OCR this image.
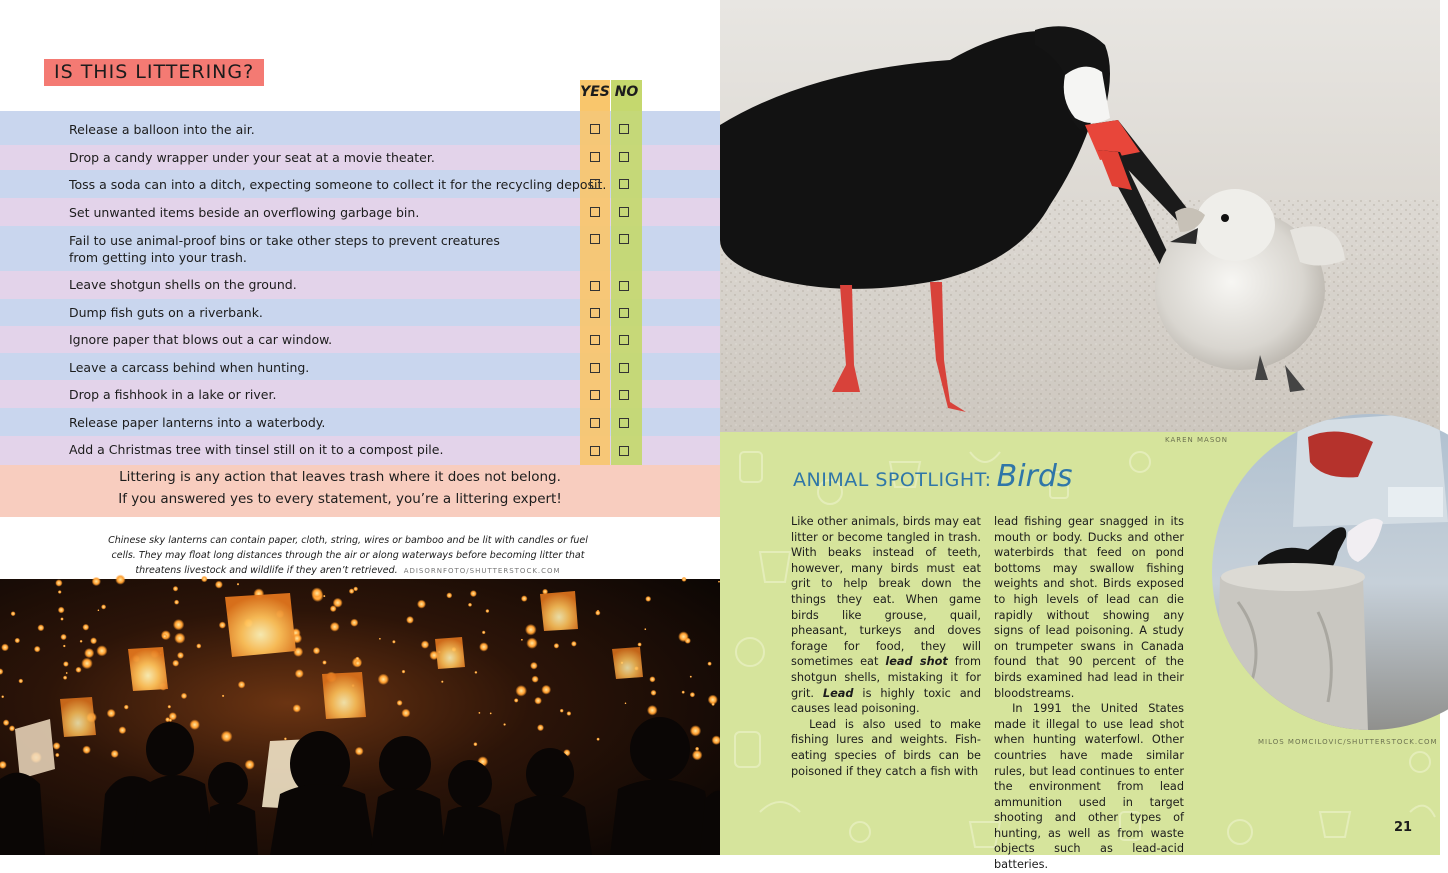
IS THIS LITTERING?
YES NO
Release a balloon into the air.
Drop a candy wrapper under your seat at a movie theater.
Toss a soda can into a ditch, expecting someone to collect it for the recycling deposit.
Set unwanted items beside an overflowing garbage bin.
Fail to use animal-proof bins or take other steps to prevent creatures
from getting into your trash.
Leave shotgun shells on the ground.
Dump fish guts on a riverbank.
Ignore paper that blows out a car window.
Leave a carcass behind when hunting.
Drop a fishhook in a lake or river.
Release paper lanterns into a waterbody.
Add a Christmas tree with tinsel still on it to a compost pile.
Littering is any action that leaves trash where it does not belong.
If you answered yes to every statement, you’re a littering expert!
Chinese sky lanterns can contain paper, cloth, string, wires or bamboo and be lit with candles or fuel cells. They may float long distances through the air or along waterways before becoming litter that threatens livestock and wildlife if they aren’t retrieved. ADISORNFOTO/SHUTTERSTOCK.COM
KAREN MASON
MILOS MOMCILOVIC/SHUTTERSTOCK.COM
ANIMAL SPOTLIGHT: Birds

Like other animals, birds may eat litter or become tangled in trash. With beaks instead of teeth, however, many birds must eat grit to help break down the things they eat. When game birds like grouse, quail, pheasant, turkeys and doves forage for food, they will sometimes eat lead shot from shotgun shells, mistaking it for grit. Lead is highly toxic and causes lead poisoning.

Lead is also used to make fishing lures and weights. Fish-eating species of birds can be poisoned if they catch a fish with

lead fishing gear snagged in its mouth or body. Ducks and other waterbirds that feed on pond bottoms may swallow fishing weights and shot. Birds exposed to high levels of lead can die rapidly without showing any signs of lead poisoning. A study on trumpeter swans in Canada found that 90 percent of the birds examined had lead in their bloodstreams.

In 1991 the United States made it illegal to use lead shot when hunting waterfowl. Other countries have made similar rules, but lead continues to enter the environment from lead ammunition used in target shooting and other types of hunting, as well as from waste objects such as lead-acid batteries.

21
